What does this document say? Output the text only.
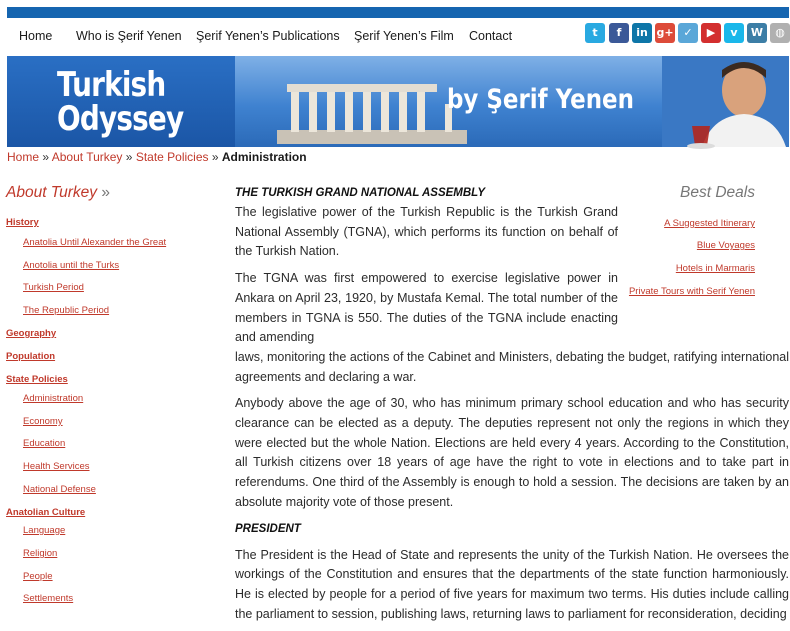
Home Who is Şerif Yenen Şerif Yenen’s Publications Şerif Yenen’s Film Contact	t	f	in g+ ✓	▶	v	W	◍
Turkish
Odyssey	by Şerif Yenen
Home » About Turkey » State Policies » Administration
About Turkey »
History
Anatolia Until Alexander the Great
Anotolia until the Turks
Turkish Period
The Republic Period
Geography
Population
State Policies
Administration
Economy
Education
Health Services
National Defense
Anatolian Culture
Language
Religion
People
Settlements
Best Deals
A Suggested Itinerary
Blue Voyages
Hotels in Marmaris
Private Tours with Serif Yenen
THE TURKISH GRAND NATIONAL ASSEMBLY

The legislative power of the Turkish Republic is the Turkish Grand National Assembly (TGNA), which performs its function on behalf of the Turkish Nation.

The TGNA was first empowered to exercise legislative power in Ankara on April 23, 1920, by Mustafa Kemal. The total number of the members in TGNA is 550. The duties of the TGNA include enacting and amending

laws, monitoring the actions of the Cabinet and Ministers, debating the budget, ratifying international agreements and declaring a war.

Anybody above the age of 30, who has minimum primary school education and who has security clearance can be elected as a deputy. The deputies represent not only the regions in which they were elected but the whole Nation. Elections are held every 4 years. According to the Constitution, all Turkish citizens over 18 years of age have the right to vote in elections and to take part in referendums. One third of the Assembly is enough to hold a session. The decisions are taken by an absolute majority vote of those present.

PRESIDENT

The President is the Head of State and represents the unity of the Turkish Nation. He oversees the workings of the Constitution and ensures that the departments of the state function harmoniously. He is elected by people for a period of five years for maximum two terms. His duties include calling the parliament to session, publishing laws, returning laws to parliament for reconsideration, deciding
